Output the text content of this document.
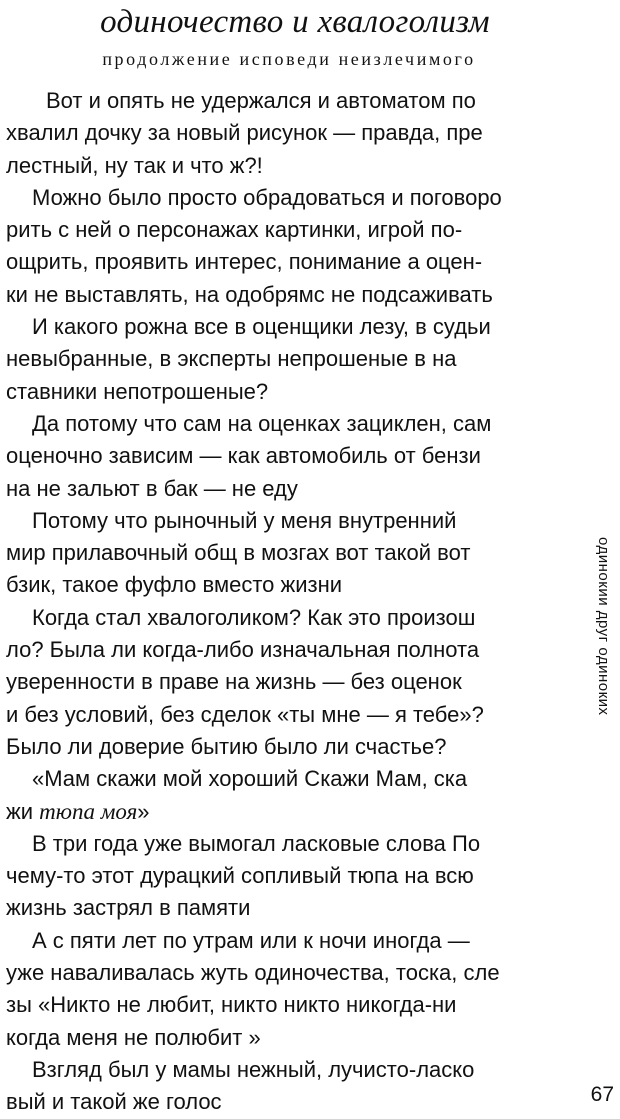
одиночество и хвалоголизм
продолжение исповеди неизлечимого
Вот и опять не удержался и автоматом по
хвалил дочку за новый рисунок — правда, пре
лестный, ну так и что ж?!
Можно было просто обрадоваться и поговоро
рить с ней о персонажах картинки, игрой по-
ощрить, проявить интерес, понимание а оцен-
ки не выставлять, на одобрямс не подсаживать
И какого рожна все в оценщики лезу, в судьи
невыбранные, в эксперты непрошеные в на
ставники непотрошеные?
Да потому что сам на оценках зациклен, сам
оценочно зависим — как автомобиль от бензи
на не зальют в бак — не еду
Потому что рыночный у меня внутренний
мир прилавочный общ в мозгах вот такой вот
бзик, такое фуфло вместо жизни
Когда стал хвалоголиком? Как это произош
ло? Была ли когда-либо изначальная полнота
уверенности в праве на жизнь — без оценок
и без условий, без сделок «ты мне — я тебе»?
Было ли доверие бытию было ли счастье?
«Мам скажи мой хороший Скажи Мам, ска
жи тюпа моя»
В три года уже вымогал ласковые слова По
чему-то этот дурацкий сопливый тюпа на всю
жизнь застрял в памяти
А с пяти лет по утрам или к ночи иногда —
уже наваливалась жуть одиночества, тоска, сле
зы «Никто не любит, никто никто никогда-ни
когда меня не полюбит »
Взгляд был у мамы нежный, лучисто-ласко
вый и такой же голос
одинокии друг одиноких
67
